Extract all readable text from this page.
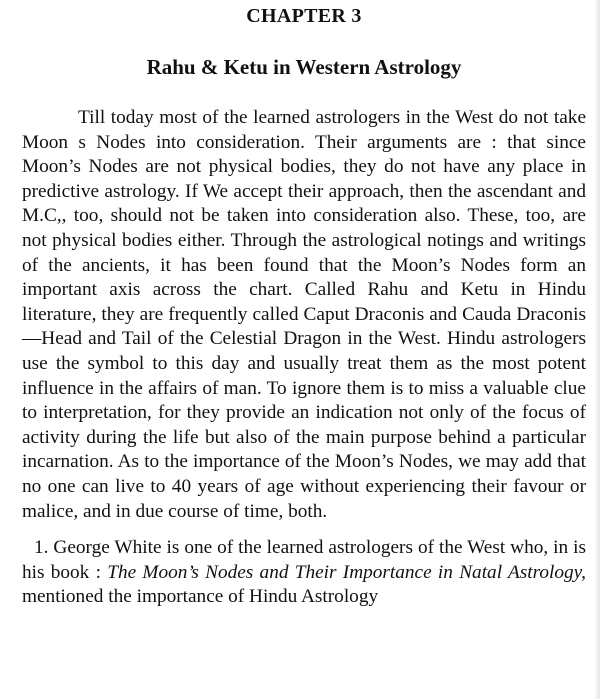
CHAPTER 3
Rahu & Ketu in Western Astrology

Till today most of the learned astrologers in the West do not take Moon s Nodes into consideration. Their arguments are : that since Moon’s Nodes are not physical bodies, they do not have any place in predictive astrology. If We accept their approach, then the ascendant and M.C,, too, should not be taken into consideration also. These, too, are not physical bodies either. Through the astrological notings and writings of the ancients, it has been found that the Moon’s Nodes form an important axis across the chart. Called Rahu and Ketu in Hindu literature, they are frequently called Caput Draconis and Cauda Draconis—Head and Tail of the Celestial Dragon in the West. Hindu astrologers use the symbol to this day and usually treat them as the most potent influence in the affairs of man. To ignore them is to miss a valuable clue to interpretation, for they provide an indication not only of the focus of activity during the life but also of the main purpose behind a particular incarnation. As to the importance of the Moon’s Nodes, we may add that no one can live to 40 years of age without experiencing their favour or malice, and in due course of time, both.

1. George White is one of the learned astrologers of the West who, in is his book : The Moon’s Nodes and Their Importance in Natal Astrology, mentioned the importance of Hindu Astrology
